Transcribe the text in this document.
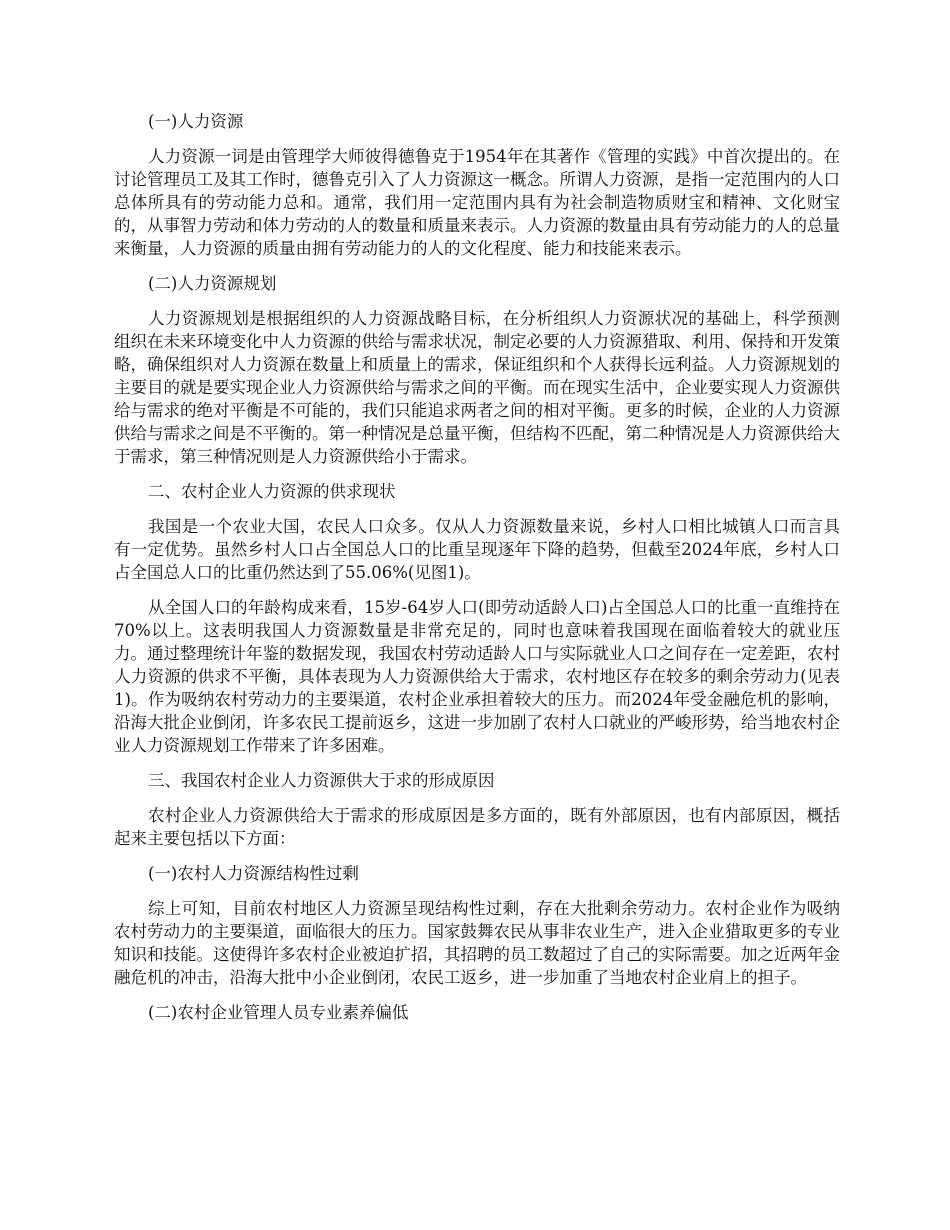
(一)人力资源

人力资源一词是由管理学大师彼得德鲁克于1954年在其著作《管理的实践》中首次提出的。在讨论管理员工及其工作时，德鲁克引入了人力资源这一概念。所谓人力资源，是指一定范围内的人口总体所具有的劳动能力总和。通常，我们用一定范围内具有为社会制造物质财宝和精神、文化财宝的，从事智力劳动和体力劳动的人的数量和质量来表示。人力资源的数量由具有劳动能力的人的总量来衡量，人力资源的质量由拥有劳动能力的人的文化程度、能力和技能来表示。

(二)人力资源规划

人力资源规划是根据组织的人力资源战略目标，在分析组织人力资源状况的基础上，科学预测组织在未来环境变化中人力资源的供给与需求状况，制定必要的人力资源猎取、利用、保持和开发策略，确保组织对人力资源在数量上和质量上的需求，保证组织和个人获得长远利益。人力资源规划的主要目的就是要实现企业人力资源供给与需求之间的平衡。而在现实生活中，企业要实现人力资源供给与需求的绝对平衡是不可能的，我们只能追求两者之间的相对平衡。更多的时候，企业的人力资源供给与需求之间是不平衡的。第一种情况是总量平衡，但结构不匹配，第二种情况是人力资源供给大于需求，第三种情况则是人力资源供给小于需求。

二、农村企业人力资源的供求现状

我国是一个农业大国，农民人口众多。仅从人力资源数量来说，乡村人口相比城镇人口而言具有一定优势。虽然乡村人口占全国总人口的比重呈现逐年下降的趋势，但截至2024年底，乡村人口占全国总人口的比重仍然达到了55.06%(见图1)。

从全国人口的年龄构成来看，15岁-64岁人口(即劳动适龄人口)占全国总人口的比重一直维持在70%以上。这表明我国人力资源数量是非常充足的，同时也意味着我国现在面临着较大的就业压力。通过整理统计年鉴的数据发现，我国农村劳动适龄人口与实际就业人口之间存在一定差距，农村人力资源的供求不平衡，具体表现为人力资源供给大于需求，农村地区存在较多的剩余劳动力(见表1)。作为吸纳农村劳动力的主要渠道，农村企业承担着较大的压力。而2024年受金融危机的影响，沿海大批企业倒闭，许多农民工提前返乡，这进一步加剧了农村人口就业的严峻形势，给当地农村企业人力资源规划工作带来了许多困难。

三、我国农村企业人力资源供大于求的形成原因

农村企业人力资源供给大于需求的形成原因是多方面的，既有外部原因，也有内部原因，概括起来主要包括以下方面：

(一)农村人力资源结构性过剩

综上可知，目前农村地区人力资源呈现结构性过剩，存在大批剩余劳动力。农村企业作为吸纳农村劳动力的主要渠道，面临很大的压力。国家鼓舞农民从事非农业生产，进入企业猎取更多的专业知识和技能。这使得许多农村企业被迫扩招，其招聘的员工数超过了自己的实际需要。加之近两年金融危机的冲击，沿海大批中小企业倒闭，农民工返乡，进一步加重了当地农村企业肩上的担子。

(二)农村企业管理人员专业素养偏低
